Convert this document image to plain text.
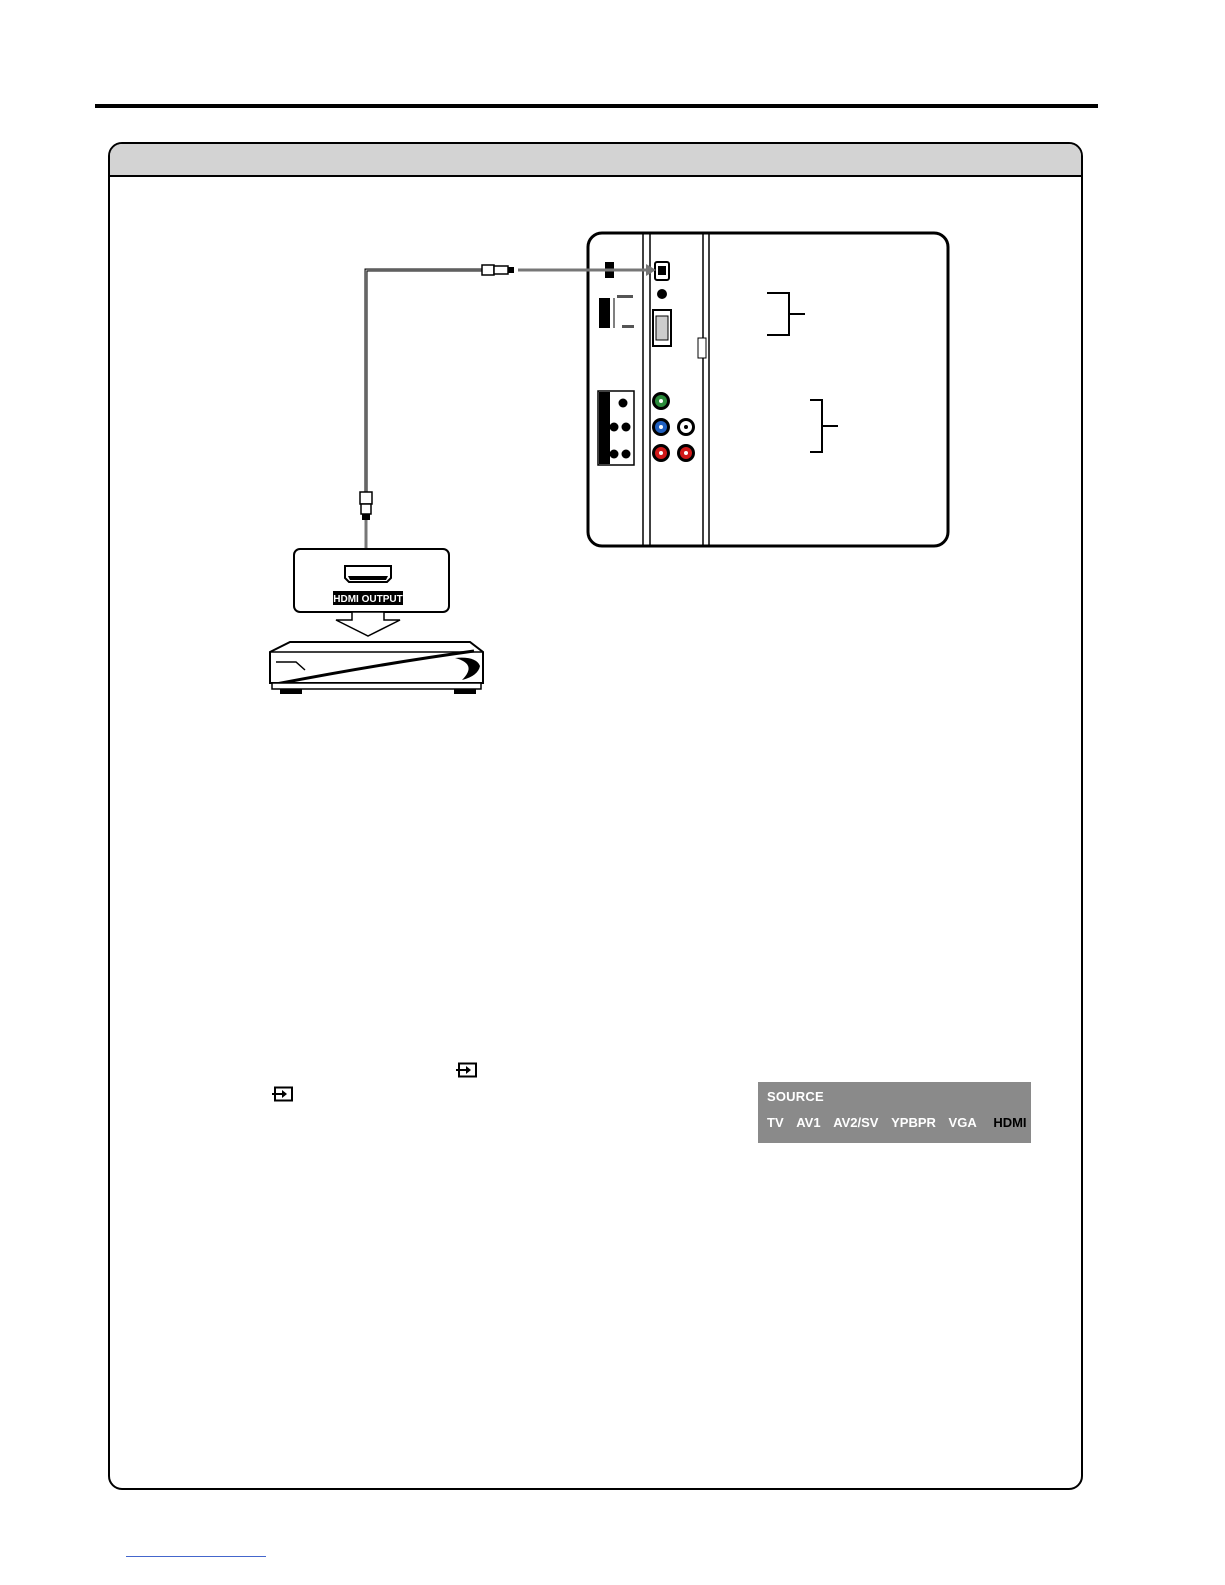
HDMI OUTPUT
SOURCE
TV AV1 AV2/SV YPBPR VGA HDMI
